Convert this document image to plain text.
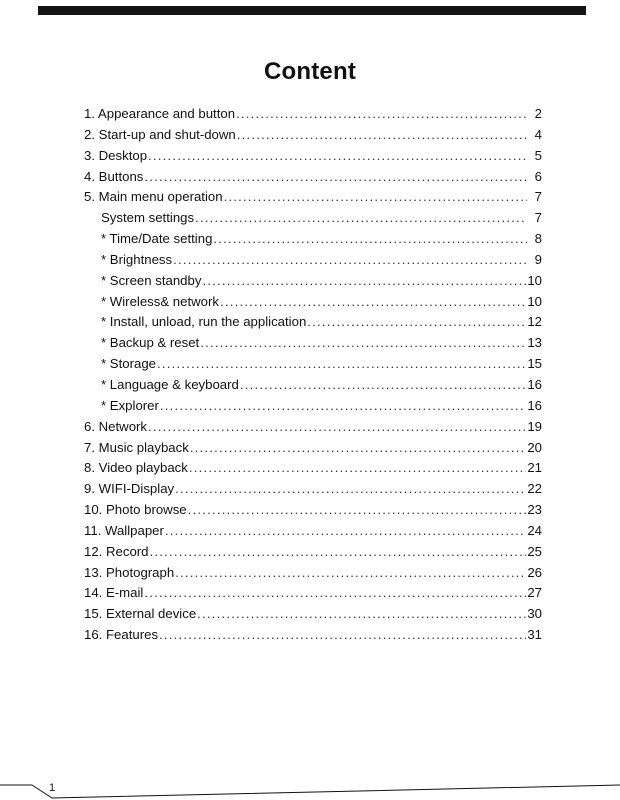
Content
1. Appearance and button .....	2
2. Start-up and shut-down .....	4
3. Desktop .....	5
4. Buttons .....	6
5. Main menu operation .....	7
System settings .....	7
* Time/Date setting .....	8
* Brightness .....	9
* Screen standby .....	10
* Wireless& network .....	10
* Install, unload, run the application .....	12
* Backup & reset .....	13
* Storage .....	15
* Language & keyboard .....	16
* Explorer .....	16
6. Network .....	19
7. Music playback .....	20
8. Video playback .....	21
9. WIFI-Display .....	22
10. Photo browse .....	23
11. Wallpaper .....	24
12. Record .....	25
13. Photograph .....	26
14. E-mail .....	27
15. External device .....	30
16. Features .....	31
1
